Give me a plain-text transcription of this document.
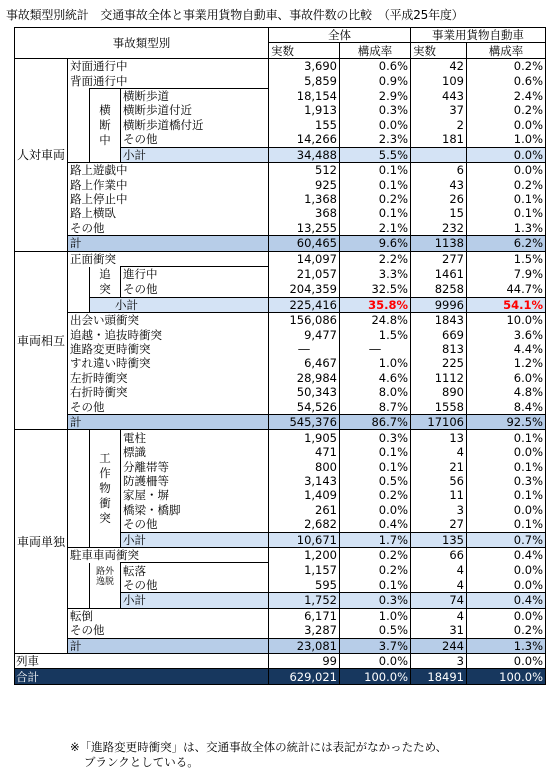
事故類型別統計　交通事故全体と事業用貨物自動車、事故件数の比較 （平成25年度）
事故類型別				全体		事業用貨物自動車	
				実数	構成率	実数	構成率
人対車両	対面通行中			3,690	0.6%	42	0.2%
	背面通行中			5,859	0.9%	109	0.6%
		横断中	横断歩道	18,154	2.9%	443	2.4%
			横断歩道付近	1,913	0.3%	37	0.2%
			横断歩道橋付近	155	0.0%	2	0.0%
			その他	14,266	2.3%	181	1.0%
			小計	34,488	5.5%		0.0%
	路上遊戯中			512	0.1%	6	0.0%
	路上作業中			925	0.1%	43	0.2%
	路上停止中			1,368	0.2%	26	0.1%
	路上横臥			368	0.1%	15	0.1%
	その他			13,255	2.1%	232	1.3%
	計			60,465	9.6%	1138	6.2%
車両相互	正面衝突			14,097	2.2%	277	1.5%
		追突	進行中	21,057	3.3%	1461	7.9%
			その他	204,359	32.5%	8258	44.7%
		小計		225,416	35.8%	9996	54.1%
	出会い頭衝突			156,086	24.8%	1843	10.0%
	追越・追抜時衝突			9,477	1.5%	669	3.6%
	進路変更時衝突			―	―	813	4.4%
	すれ違い時衝突			6,467	1.0%	225	1.2%
	左折時衝突			28,984	4.6%	1112	6.0%
	右折時衝突			50,343	8.0%	890	4.8%
	その他			54,526	8.7%	1558	8.4%
	計			545,376	86.7%	17106	92.5%
車両単独		工作物衝突	電柱	1,905	0.3%	13	0.1%
			標識	471	0.1%	4	0.0%
			分離帯等	800	0.1%	21	0.1%
			防護柵等	3,143	0.5%	56	0.3%
			家屋・塀	1,409	0.2%	11	0.1%
			橋梁・橋脚	261	0.0%	3	0.0%
			その他	2,682	0.4%	27	0.1%
			小計	10,671	1.7%	135	0.7%
	駐車車両衝突			1,200	0.2%	66	0.4%
		路外逸脱	転落	1,157	0.2%	4	0.0%
			その他	595	0.1%	4	0.0%
			小計	1,752	0.3%	74	0.4%
	転倒			6,171	1.0%	4	0.0%
	その他			3,287	0.5%	31	0.2%
	計			23,081	3.7%	244	1.3%
列車				99	0.0%	3	0.0%
合計				629,021	100.0%	18491	100.0%
※「進路変更時衝突」は、交通事故全体の統計には表記がなかったため、
ブランクとしている。
